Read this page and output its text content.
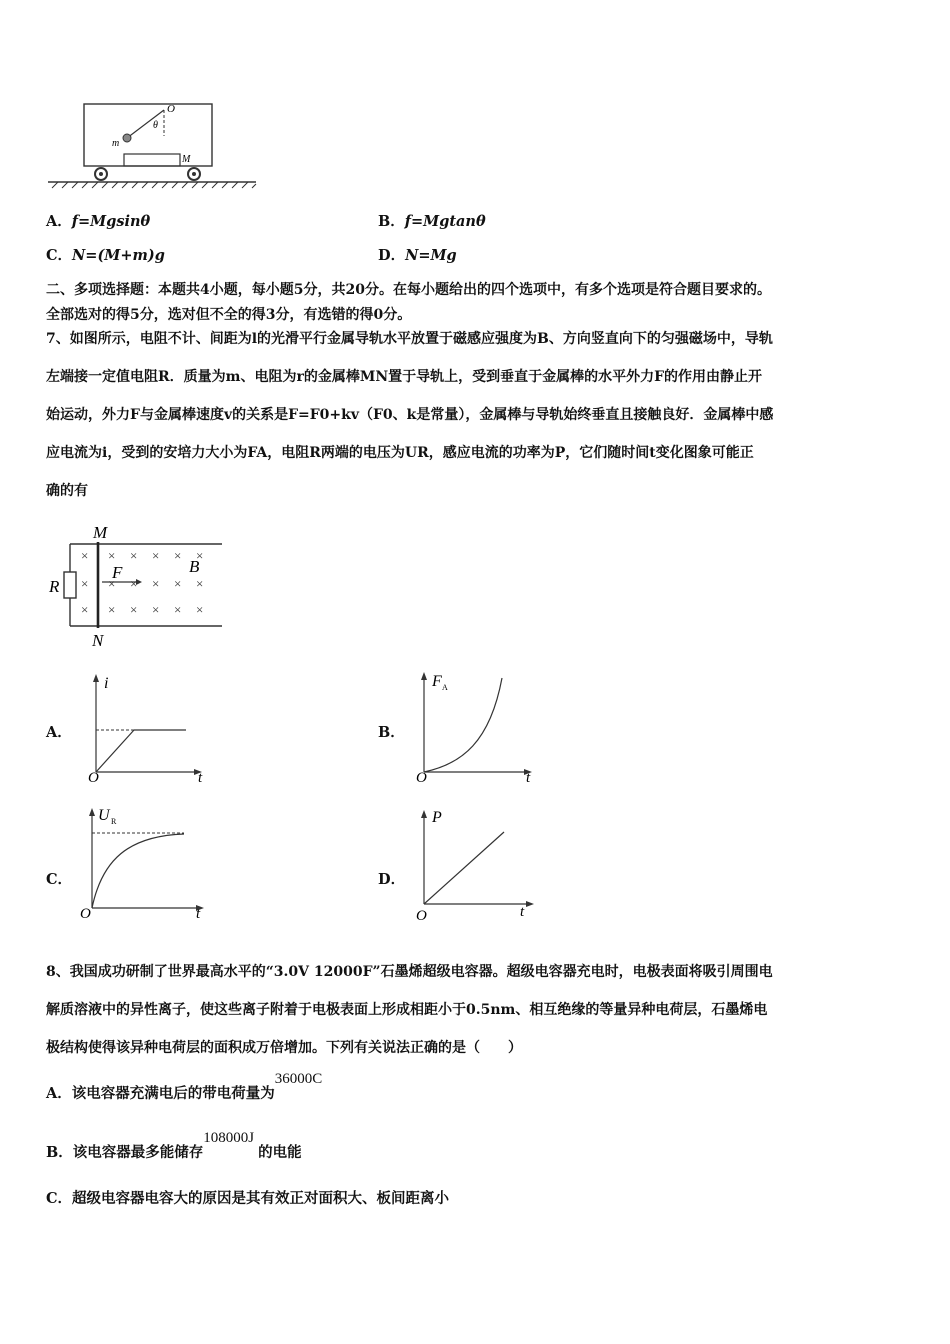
O
θ
m
M
A．f=Mgsinθ	B．f=Mgtanθ
C．N=(M+m)g	D．N=Mg
二、多项选择题：本题共4小题，每小题5分，共20分。在每小题给出的四个选项中，有多个选项是符合题目要求的。
全部选对的得5分，选对但不全的得3分，有选错的得0分。
7、如图所示，电阻不计、间距为l的光滑平行金属导轨水平放置于磁感应强度为B、方向竖直向下的匀强磁场中，导轨
左端接一定值电阻R．质量为m、电阻为r的金属棒MN置于导轨上，受到垂直于金属棒的水平外力F的作用由静止开
始运动，外力F与金属棒速度v的关系是F=F0+kv（F0、k是常量），金属棒与导轨始终垂直且接触良好．金属棒中感
应电流为i，受到的安培力大小为FA，电阻R两端的电压为UR，感应电流的功率为P，它们随时间t变化图象可能正
确的有
M
N
R
F	B
×
×
×
× × × × ×
× × × × ×
× × × × ×
A．
i
t
O
B．
F A
t
O
C．
U R
t
O
D．
P
t
O
8、我国成功研制了世界最高水平的“3.0V 12000F”石墨烯超级电容器。超级电容器充电时，电极表面将吸引周围电
解质溶液中的异性离子，使这些离子附着于电极表面上形成相距小于0.5nm、相互绝缘的等量异种电荷层，石墨烯电
极结构使得该异种电荷层的面积成万倍增加。下列有关说法正确的是（　　）
A．该电容器充满电后的带电荷量为36000C
B．该电容器最多能储存108000J的电能
C．超级电容器电容大的原因是其有效正对面积大、板间距离小
